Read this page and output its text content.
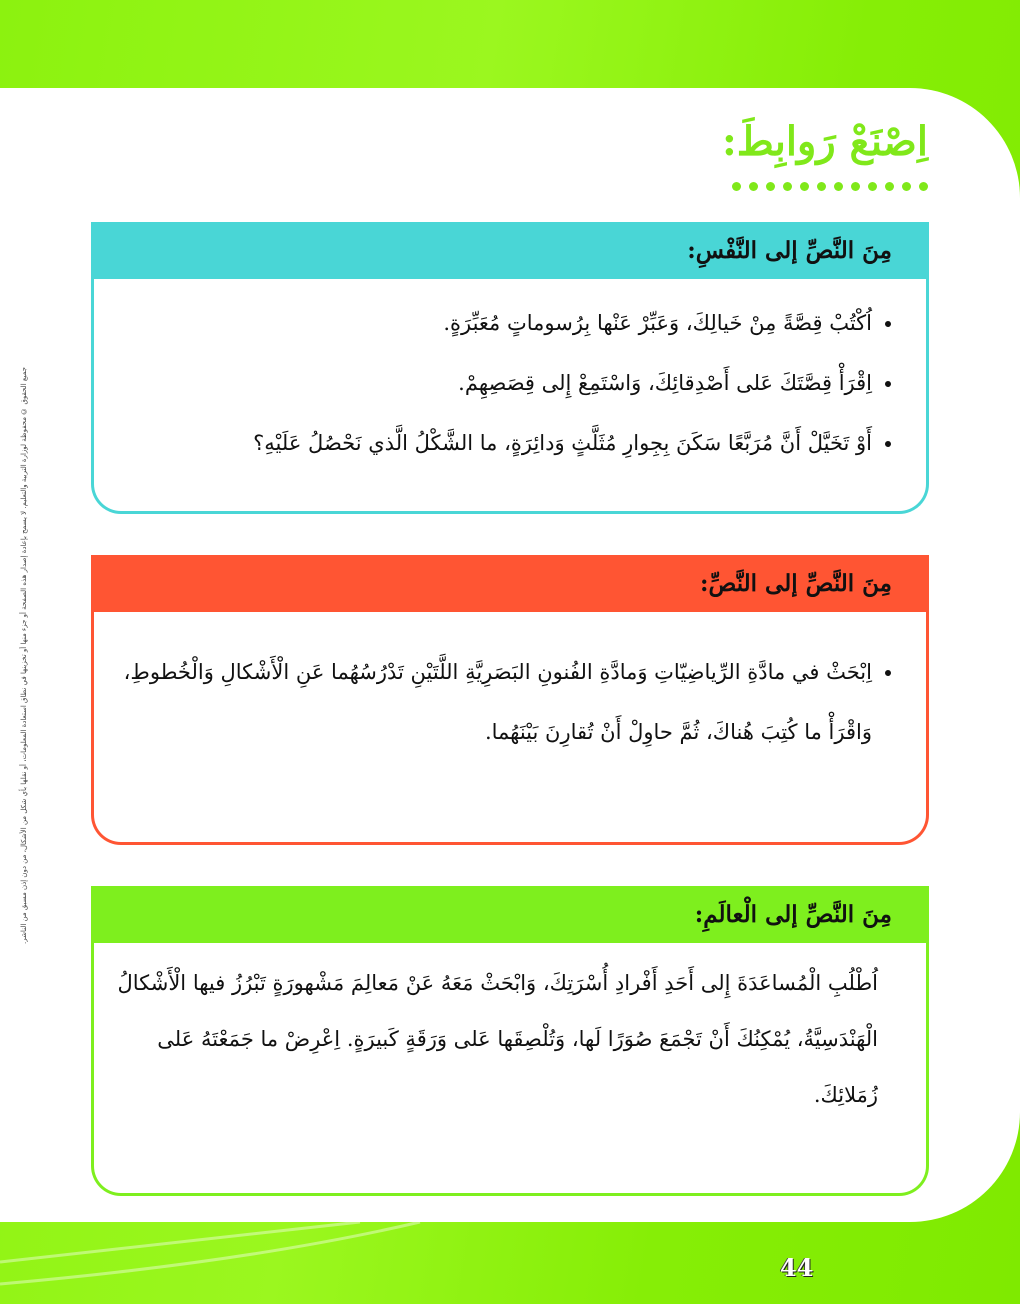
جميع الحقوق © محفوظة لوزارة التربية والتعليم. لا يسمح بإعادة إصدار هذه الصفحة أو جزء منها أو تخزينها في نطاق استعادة المعلومات، أو نقلها بأي شكل من الأشكال، من دون إذن مسبق من الناشر.
اِصْنَعْ رَوابِطَ:
مِنَ النَّصِّ إلى النَّفْسِ:
• اُكْتُبْ قِصَّةً مِنْ خَيالِكَ، وَعَبِّرْ عَنْها بِرُسوماتٍ مُعَبِّرَةٍ.
• اِقْرَأْ قِصَّتَكَ عَلى أَصْدِقائِكَ، وَاسْتَمِعْ إِلى قِصَصِهِمْ.
• أَوْ تَخَيَّلْ أَنَّ مُرَبَّعًا سَكَنَ بِجِوارِ مُثَلَّثٍ وَدائِرَةٍ، ما الشَّكْلُ الَّذي نَحْصُلُ عَلَيْهِ؟
مِنَ النَّصِّ إلى النَّصِّ:
• اِبْحَثْ في مادَّةِ الرِّياضِيّاتِ وَمادَّةِ الفُنونِ البَصَرِيَّةِ اللَّتَيْنِ تَدْرُسُهُما عَنِ الْأَشْكالِ وَالْخُطوطِ، وَاقْرَأْ ما كُتِبَ هُناكَ، ثُمَّ حاوِلْ أَنْ تُقارِنَ بَيْنَهُما.
مِنَ النَّصِّ إلى الْعالَمِ:

اُطْلُبِ الْمُساعَدَةَ إِلى أَحَدِ أَفْرادِ أُسْرَتِكَ، وَابْحَثْ مَعَهُ عَنْ مَعالِمَ مَشْهورَةٍ تَبْرُزُ فيها الْأَشْكالُ الْهَنْدَسِيَّةُ، يُمْكِنُكَ أَنْ تَجْمَعَ صُوَرًا لَها، وَتُلْصِقَها عَلى وَرَقَةٍ كَبيرَةٍ. اِعْرِضْ ما جَمَعْتَهُ عَلى زُمَلائِكَ.

44
